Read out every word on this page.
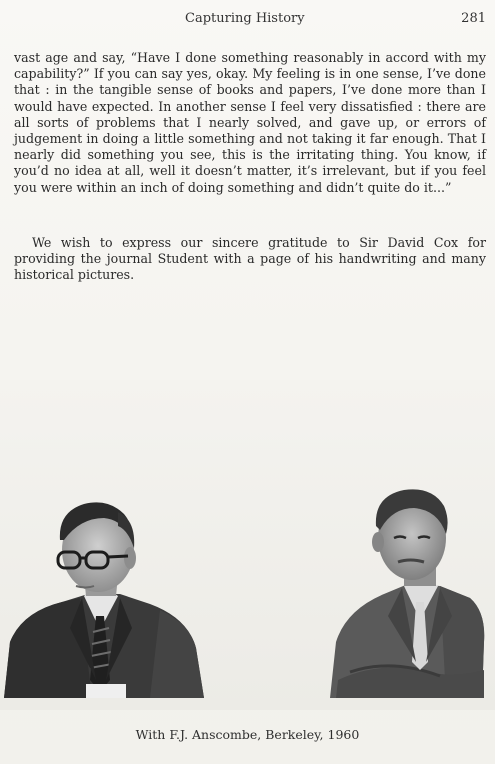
Capturing History	281

vast age and say, “Have I done something reasonably in accord with my capability?” If you can say yes, okay. My feeling is in one sense, I’ve done that : in the tangible sense of books and papers, I’ve done more than I would have expected. In another sense I feel very dissatisfied : there are all sorts of problems that I nearly solved, and gave up, or errors of judgement in doing a little something and not taking it far enough. That I nearly did something you see, this is the irritating thing. You know, if you’d no idea at all, well it doesn’t matter, it’s irrelevant, but if you feel you were within an inch of doing something and didn’t quite do it...”

We wish to express our sincere gratitude to Sir David Cox for providing the journal Student with a page of his handwriting and many historical pictures.

With F.J. Anscombe, Berkeley, 1960
